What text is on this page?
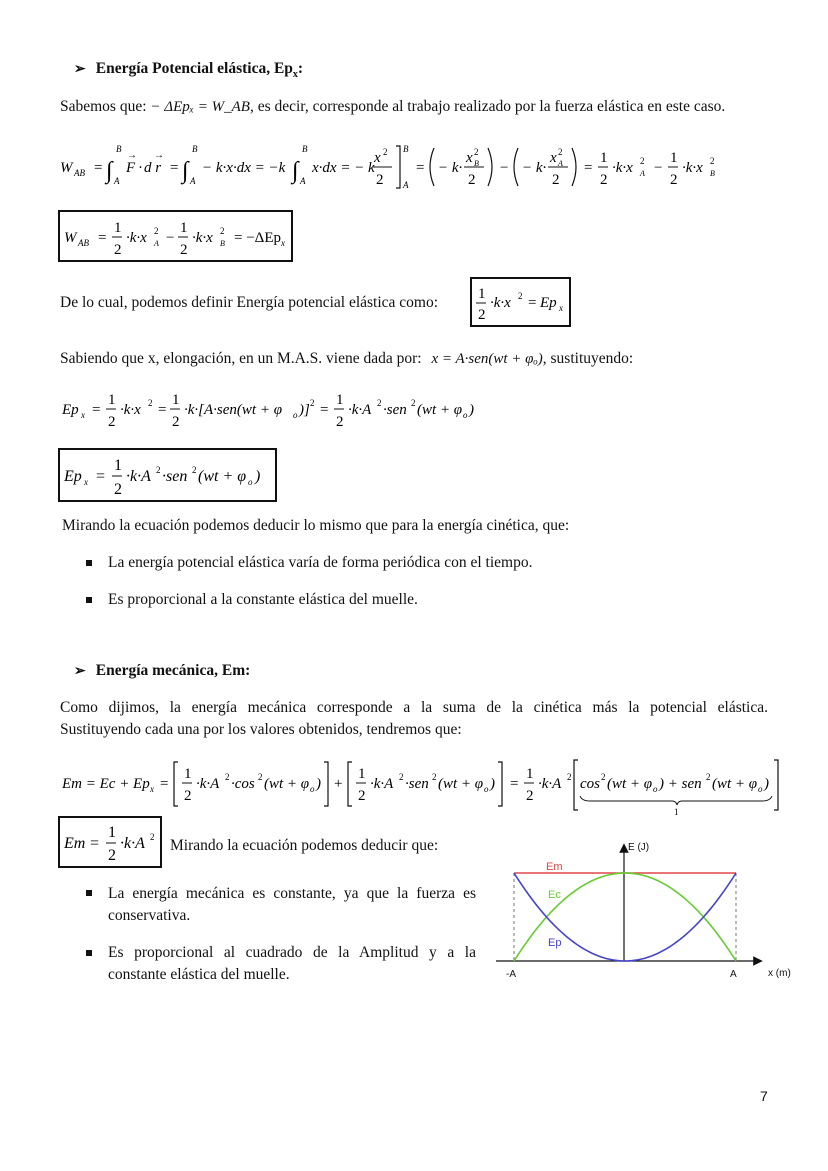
➢ Energía Potencial elástica, $Ep_x$:
Sabemos que: − ΔEpₓ = W_AB, es decir, corresponde al trabajo realizado por la fuerza elástica en este caso.
W AB = ∫
B
A
F
→
· d r
→
= ∫
B
A
− k·x·dx = −k ∫
B
A
x·dx = − k
x 2
2
B
A
= − k·
x 2
B
2
− − k·
x 2
A
2
=
1
2
·k·x 2
A −
1
2
·k·x 2
B
W AB =
1
2
·k·x 2
A −
1
2
·k·x 2
B = −ΔEp x
De lo cual, podemos definir Energía potencial elástica como:	1
2
·k·x 2 = Ep x
Sabiendo que x, elongación, en un M.A.S. viene dada por: x = A·sen(wt + φₒ), sustituyendo:
Ep x =
1
2
·k·x 2 =
1
2
·k·[A·sen(wt + φ o )] 2 =
1
2
·k·A 2 ·sen 2 (wt + φ o )
Ep x =
1
2
·k·A 2 ·sen 2 (wt + φ o )
Mirando la ecuación podemos deducir lo mismo que para la energía cinética, que:
La energía potencial elástica varía de forma periódica con el tiempo.
Es proporcional a la constante elástica del muelle.
➢ Energía mecánica, Em:
Como dijimos, la energía mecánica corresponde a la suma de la cinética más la potencial elástica.
Sustituyendo cada una por los valores obtenidos, tendremos que:
Em = Ec + Ep x =
1
2
·k·A 2 ·cos 2 (wt + φ o ) +
1
2
·k·A 2 ·sen 2 (wt + φ o ) =
1
2
·k·A 2 cos 2 (wt + φ o ) + sen 2 (wt + φ o )
1
Em =
1
2
·k·A 2 Mirando la ecuación podemos deducir que:
La energía mecánica es constante, ya que la fuerza es
conservativa.
Es proporcional al cuadrado de la Amplitud y a la
constante elástica del muelle.
E (J)
x (m)
-A	A
Em
Ec
Ep
7
